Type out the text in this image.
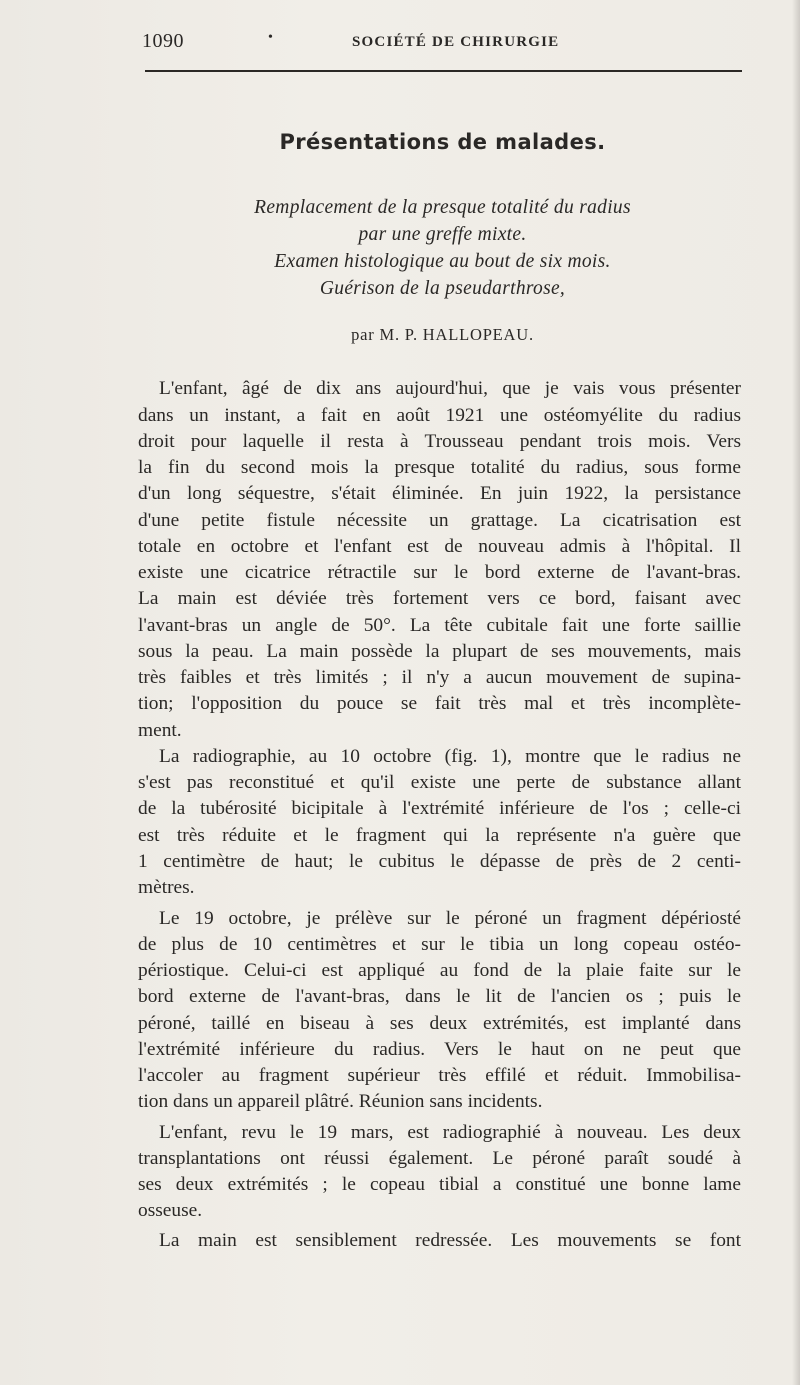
1090	•	SOCIÉTÉ DE CHIRURGIE
Présentations de malades.
Remplacement de la presque totalité du radius
par une greffe mixte.
Examen histologique au bout de six mois.
Guérison de la pseudarthrose,
par M. P. HALLOPEAU.
L'enfant, âgé de dix ans aujourd'hui, que je vais vous présenter
dans un instant, a fait en août 1921 une ostéomyélite du radius
droit pour laquelle il resta à Trousseau pendant trois mois. Vers
la fin du second mois la presque totalité du radius, sous forme
d'un long séquestre, s'était éliminée. En juin 1922, la persistance
d'une petite fistule nécessite un grattage. La cicatrisation est
totale en octobre et l'enfant est de nouveau admis à l'hôpital. Il
existe une cicatrice rétractile sur le bord externe de l'avant-bras.
La main est déviée très fortement vers ce bord, faisant avec
l'avant-bras un angle de 50°. La tête cubitale fait une forte saillie
sous la peau. La main possède la plupart de ses mouvements, mais
très faibles et très limités ; il n'y a aucun mouvement de supina-
tion; l'opposition du pouce se fait très mal et très incomplète-
ment.
La radiographie, au 10 octobre (fig. 1), montre que le radius ne
s'est pas reconstitué et qu'il existe une perte de substance allant
de la tubérosité bicipitale à l'extrémité inférieure de l'os ; celle-ci
est très réduite et le fragment qui la représente n'a guère que
1 centimètre de haut; le cubitus le dépasse de près de 2 centi-
mètres.
Le 19 octobre, je prélève sur le péroné un fragment dépériosté
de plus de 10 centimètres et sur le tibia un long copeau ostéo-
périostique. Celui-ci est appliqué au fond de la plaie faite sur le
bord externe de l'avant-bras, dans le lit de l'ancien os ; puis le
péroné, taillé en biseau à ses deux extrémités, est implanté dans
l'extrémité inférieure du radius. Vers le haut on ne peut que
l'accoler au fragment supérieur très effilé et réduit. Immobilisa-
tion dans un appareil plâtré. Réunion sans incidents.
L'enfant, revu le 19 mars, est radiographié à nouveau. Les deux
transplantations ont réussi également. Le péroné paraît soudé à
ses deux extrémités ; le copeau tibial a constitué une bonne lame
osseuse.
La main est sensiblement redressée. Les mouvements se font
